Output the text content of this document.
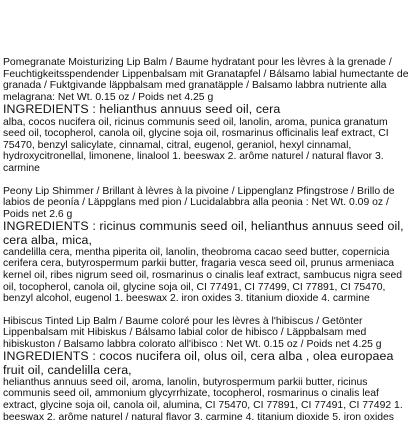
Pomegranate Moisturizing Lip Balm / Baume hydratant pour les lèvres à la grenade / Feuchtigkeitsspendender Lippenbalsam mit Granatapfel / Bálsamo labial humectante de granada / Fuktgivande läppbalsam med granatäpple / Balsamo labbra nutriente alla melagrana: Net Wt. 0.15 oz / Poids net 4.25 g

INGREDIENTS : helianthus annuus seed oil, cera

alba, cocos nucifera oil, ricinus communis seed oil, lanolin, aroma, punica granatum seed oil, tocopherol, canola oil, glycine soja oil, rosmarinus officinalis leaf extract, CI 75470, benzyl salicylate, cinnamal, citral, eugenol, geraniol, hexyl cinnamal, hydroxycitronellal, limonene, linalool 1. beeswax 2. arôme naturel / natural flavor 3. carmine

Peony Lip Shimmer / Brillant à lèvres à la pivoine / Lippenglanz Pfingstrose / Brillo de labios de peonía / Läppglans med pion / Lucidalabbra alla peonia : Net Wt. 0.09 oz / Poids net 2.6 g

INGREDIENTS : ricinus communis seed oil, helianthus annuus seed oil, cera alba, mica,

candelilla cera, mentha piperita oil, lanolin, theobroma cacao seed butter, copernicia cerifera cera, butyrospermum parkii butter, fragaria vesca seed oil, prunus armeniaca kernel oil, ribes nigrum seed oil, rosmarinus o cinalis leaf extract, sambucus nigra seed oil, tocopherol, canola oil, glycine soja oil, CI 77491, CI 77499, CI 77891, CI 75470, benzyl alcohol, eugenol 1. beeswax 2. iron oxides 3. titanium dioxide 4. carmine

Hibiscus Tinted Lip Balm / Baume coloré pour les lèvres à l'hibiscus / Getönter Lippenbalsam mit Hibiskus / Bálsamo labial color de hibisco / Läppbalsam med hibiskuston / Balsamo labbra colorato all'ibisco : Net Wt. 0.15 oz / Poids net 4.25 g

INGREDIENTS : cocos nucifera oil, olus oil, cera alba , olea europaea fruit oil, candelilla cera,

helianthus annuus seed oil, aroma, lanolin, butyrospermum parkii butter, ricinus communis seed oil, ammonium glycyrrhizate, tocopherol, rosmarinus o cinalis leaf extract, glycine soja oil, canola oil, alumina, CI 75470, CI 77891, CI 77491, CI 77492 1. beeswax 2. arôme naturel / natural flavor 3. carmine 4. titanium dioxide 5. iron oxides
